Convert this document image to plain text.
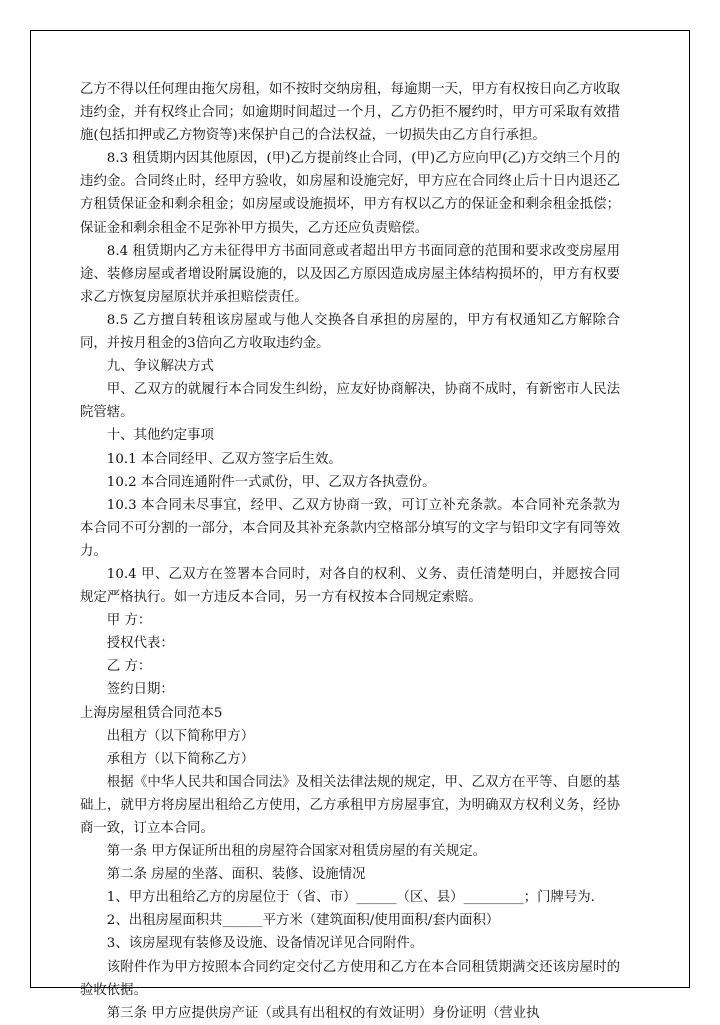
乙方不得以任何理由拖欠房租，如不按时交纳房租，每逾期一天，甲方有权按日向乙方收取违约金，并有权终止合同；如逾期时间超过一个月，乙方仍拒不履约时，甲方可采取有效措施(包括扣押或乙方物资等)来保护自己的合法权益，一切损失由乙方自行承担。

8.3 租赁期内因其他原因，(甲)乙方提前终止合同，(甲)乙方应向甲(乙)方交纳三个月的违约金。合同终止时，经甲方验收，如房屋和设施完好，甲方应在合同终止后十日内退还乙方租赁保证金和剩余租金；如房屋或设施损坏，甲方有权以乙方的保证金和剩余租金抵偿；保证金和剩余租金不足弥补甲方损失，乙方还应负责赔偿。

8.4 租赁期内乙方未征得甲方书面同意或者超出甲方书面同意的范围和要求改变房屋用途、装修房屋或者增设附属设施的，以及因乙方原因造成房屋主体结构损坏的，甲方有权要求乙方恢复房屋原状并承担赔偿责任。

8.5 乙方擅自转租该房屋或与他人交换各自承担的房屋的，甲方有权通知乙方解除合同，并按月租金的3倍向乙方收取违约金。

九、争议解决方式

甲、乙双方的就履行本合同发生纠纷，应友好协商解决，协商不成时，有新密市人民法院管辖。

十、其他约定事项

10.1 本合同经甲、乙双方签字后生效。

10.2 本合同连通附件一式贰份，甲、乙双方各执壹份。

10.3 本合同未尽事宜，经甲、乙双方协商一致，可订立补充条款。本合同补充条款为本合同不可分割的一部分，本合同及其补充条款内空格部分填写的文字与铅印文字有同等效力。

10.4 甲、乙双方在签署本合同时，对各自的权利、义务、责任清楚明白，并愿按合同规定严格执行。如一方违反本合同，另一方有权按本合同规定索赔。

甲 方：

授权代表：

乙 方：

签约日期：

上海房屋租赁合同范本5

出租方（以下简称甲方）

承租方（以下简称乙方）

根据《中华人民共和国合同法》及相关法律法规的规定，甲、乙双方在平等、自愿的基础上，就甲方将房屋出租给乙方使用，乙方承租甲方房屋事宜，为明确双方权利义务，经协商一致，订立本合同。

第一条 甲方保证所出租的房屋符合国家对租赁房屋的有关规定。

第二条 房屋的坐落、面积、装修、设施情况

1、甲方出租给乙方的房屋位于（省、市）______（区、县）_________；门牌号为．

2、出租房屋面积共______平方米（建筑面积/使用面积/套内面积）

3、该房屋现有装修及设施、设备情况详见合同附件。

该附件作为甲方按照本合同约定交付乙方使用和乙方在本合同租赁期满交还该房屋时的验收依据。

第三条 甲方应提供房产证（或具有出租权的有效证明）身份证明（营业执
